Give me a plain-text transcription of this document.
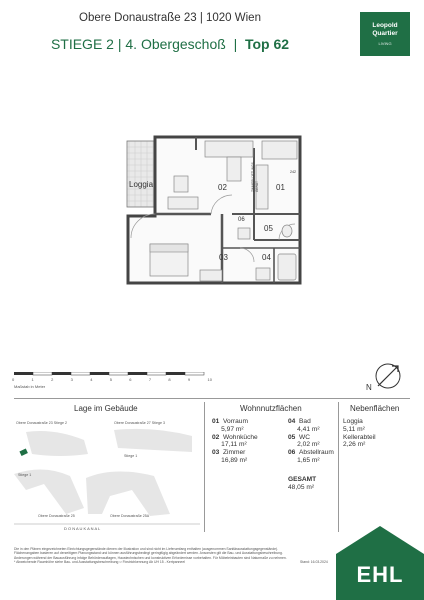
Obere Donaustraße 23 | 1020 Wien
STIEGE 2 | 4. Obergeschoß | Top 62
Leopold
Quartier
LIVING
Loggia	02	01
05
03	04
06
ZIMMERLÜFTUNGS-GERÄT
242
0	1	2	3	4	5	6	7	8	9	10
Maßstab in Meter	N
Lage im Gebäude
Obere Donaustraße 23 Stiege 2	Obere Donaustraße 27 Stiege 3
Stiege 1
Stiege 1
Obere Donaustraße 25	Obere Donaustraße 25A
D O N A U K A N A L
Wohnnutzflächen
01 Vorraum
5,97 m²
02 Wohnküche
17,11 m²
03 Zimmer
16,89 m²
04 Bad
4,41 m²
05 WC
2,02 m²
06 Abstellraum
1,65 m²
GESAMT
48,05 m²
Nebenflächen
Loggia
5,11 m²
Kellerabteil
2,26 m²
Die in den Plänen eingezeichneten Einrichtungsgegenstände dienen der Illustration und sind nicht im Lieferumfang enthalten (ausgenommen Sanitärausstattungsgegenstände).
Flächenangaben basieren auf derzeitigem Planungsstand und können ausführungsbedingt geringfügig abgeändert werden. Ansonsten gilt die Bau- und Ausstattungsbeschreibung.
Änderungen während der Bauausführung infolge Behördenauflagen, Haustechnischen und konstruktiven Erfordernisse vorbehalten. Für Möbeleinbauten sind Naturmaße zu nehmen.
* Abweichende Raumhöhe siehe Bau- und Ausstattungsbeschreibung ¹² Fixstrichkennung Ab UH 15 - Kertpanneel	Stand: 16.03.2024	EHL
